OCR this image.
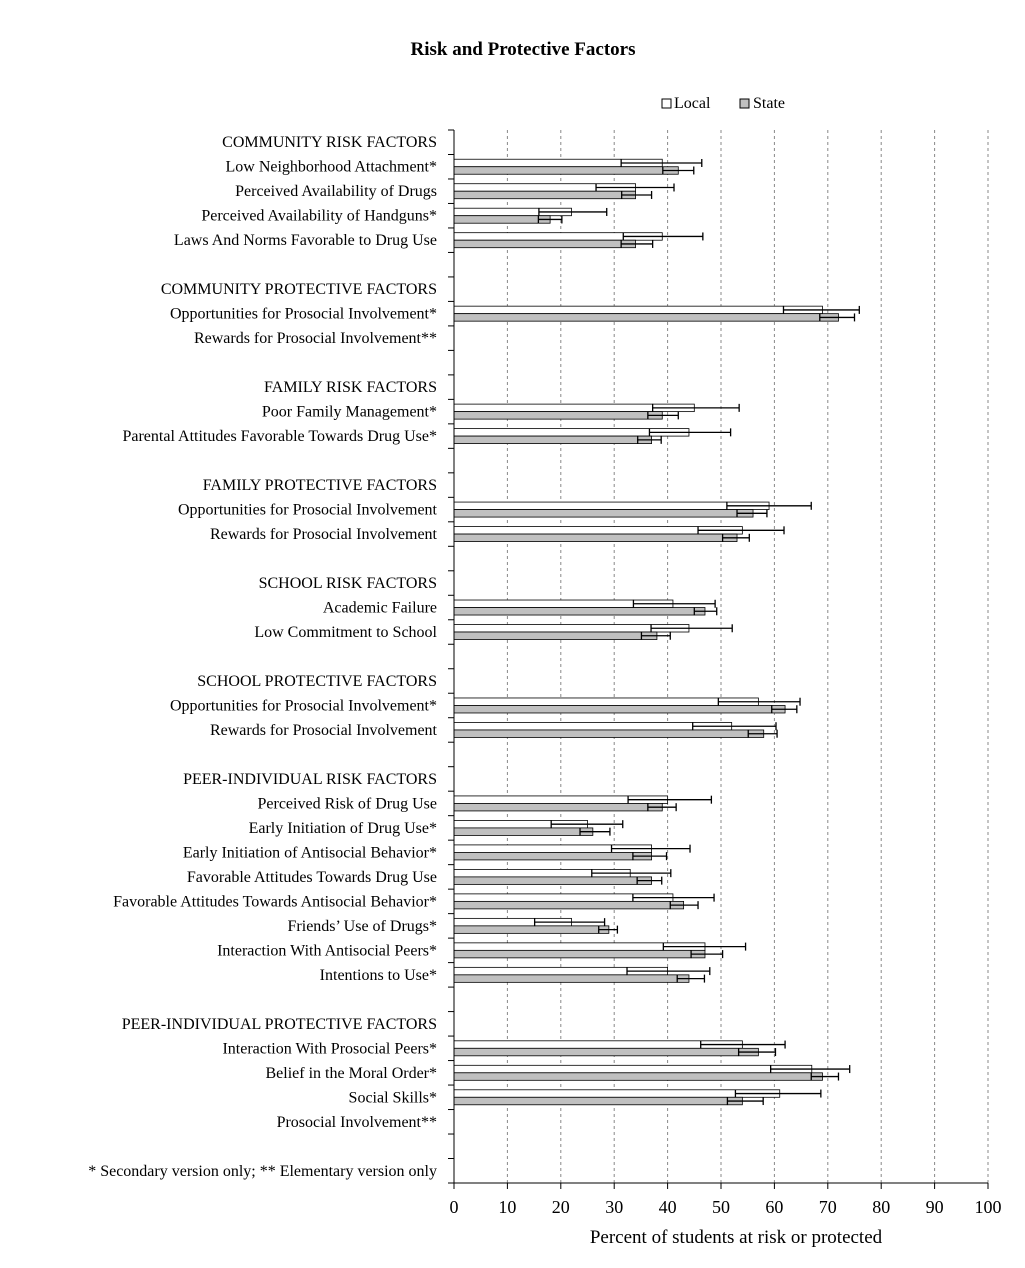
Risk and Protective Factors
Local	State
0 10 20 30 40 50 60 70 80 90 100
COMMUNITY RISK FACTORS
Low Neighborhood Attachment*
Perceived Availability of Drugs
Perceived Availability of Handguns*
Laws And Norms Favorable to Drug Use
COMMUNITY PROTECTIVE FACTORS
Opportunities for Prosocial Involvement*
Rewards for Prosocial Involvement**
FAMILY RISK FACTORS
Poor Family Management*
Parental Attitudes Favorable Towards Drug Use*
FAMILY PROTECTIVE FACTORS
Opportunities for Prosocial Involvement
Rewards for Prosocial Involvement
SCHOOL RISK FACTORS
Academic Failure
Low Commitment to School
SCHOOL PROTECTIVE FACTORS
Opportunities for Prosocial Involvement*
Rewards for Prosocial Involvement
PEER-INDIVIDUAL RISK FACTORS
Perceived Risk of Drug Use
Early Initiation of Drug Use*
Early Initiation of Antisocial Behavior*
Favorable Attitudes Towards Drug Use
Favorable Attitudes Towards Antisocial Behavior*
Friends’ Use of Drugs*
Interaction With Antisocial Peers*
Intentions to Use*
PEER-INDIVIDUAL PROTECTIVE FACTORS
Interaction With Prosocial Peers*
Belief in the Moral Order*
Social Skills*
Prosocial Involvement**
* Secondary version only; ** Elementary version only
Percent of students at risk or protected
